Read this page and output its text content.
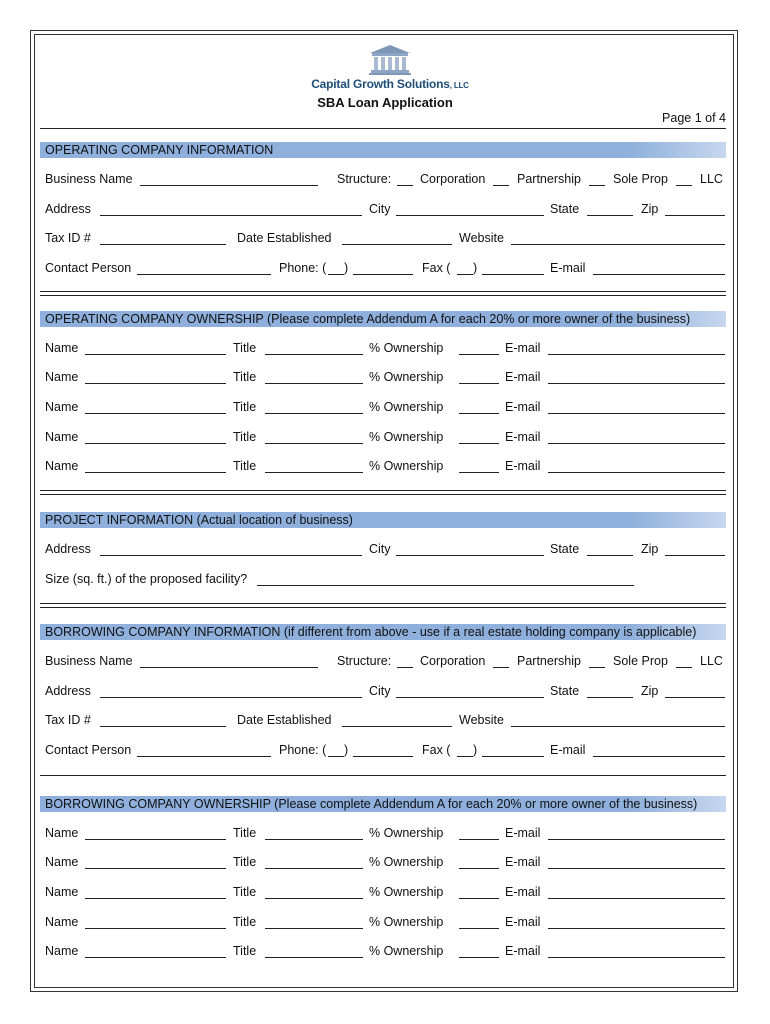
Capital Growth Solutions, LLC
SBA Loan Application
Page 1 of 4
OPERATING COMPANY INFORMATION
Business Name	Structure: Corporation	Partnership	Sole Prop	LLC
Address	City	State	Zip
Tax ID #	Date Established	Website
Contact Person	Phone: ( )	Fax ( )	E-mail
OPERATING COMPANY OWNERSHIP (Please complete Addendum A for each 20% or more owner of the business)
Name	Title	% Ownership	E-mail
Name	Title	% Ownership	E-mail
Name	Title	% Ownership	E-mail
Name	Title	% Ownership	E-mail
Name	Title	% Ownership	E-mail
PROJECT INFORMATION (Actual location of business)
Address	City	State	Zip
Size (sq. ft.) of the proposed facility?
BORROWING COMPANY INFORMATION (if different from above - use if a real estate holding company is applicable)
Business Name	Structure: Corporation	Partnership	Sole Prop	LLC
Address	City	State	Zip
Tax ID #	Date Established	Website
Contact Person	Phone: ( )	Fax ( )	E-mail
BORROWING COMPANY OWNERSHIP (Please complete Addendum A for each 20% or more owner of the business)
Name	Title	% Ownership	E-mail
Name	Title	% Ownership	E-mail
Name	Title	% Ownership	E-mail
Name	Title	% Ownership	E-mail
Name	Title	% Ownership	E-mail
